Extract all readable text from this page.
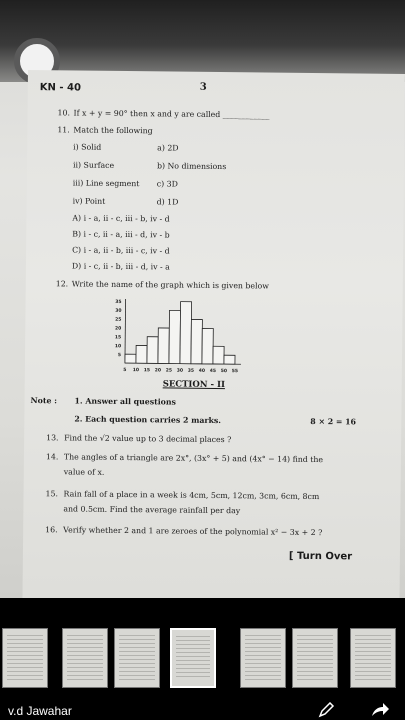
KN - 40	3
10. If x + y = 90° then x and y are called ____________
11. Match the following
i) Solid	a) 2D
ii) Surface	b) No dimensions
iii) Line segment c) 3D
iv) Point	d) 1D
A) i - a, ii - c, iii - b, iv - d
B) i - c, ii - a, iii - d, iv - b
C) i - a, ii - b, iii - c, iv - d
D) i - c, ii - b, iii - d, iv - a
12. Write the name of the graph which is given below
35
30
25
20
15
10
5
5 10 15 20 25 30 35 40 45 50 55
SECTION - II
Note : 1. Answer all questions
2. Each question carries 2 marks.	8 × 2 = 16
13. Find the √2 value up to 3 decimal places ?
14. The angles of a triangle are 2x°, (3x° + 5) and (4x° − 14) find the
value of x.
15. Rain fall of a place in a week is 4cm, 5cm, 12cm, 3cm, 6cm, 8cm
and 0.5cm. Find the average rainfall per day
16. Verify whether 2 and 1 are zeroes of the polynomial x² − 3x + 2 ?
[ Turn Over
v.d Jawahar
